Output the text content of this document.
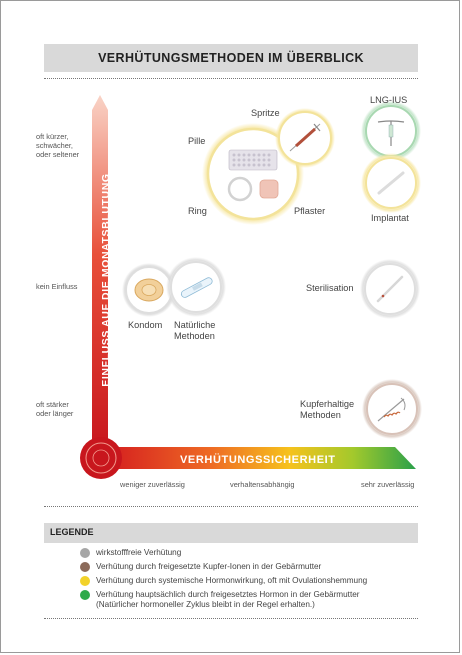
VERHÜTUNGSMETHODEN IM ÜBERBLICK
EINFLUSS AUF DIE MONATSBLUTUNG
VERHÜTUNGSSICHERHEIT
oft kürzer,
schwächer,
oder seltener
kein Einfluss
oft stärker
oder länger
weniger zuverlässig	verhaltensabhängig	sehr zuverlässig
Spritze
Pille
Ring	Pflaster
LNG-IUS
Implantat
Sterilisation
Kondom Natürliche
Methoden
Kupferhaltige
Methoden
LEGENDE
wirkstofffreie Verhütung
Verhütung durch freigesetzte Kupfer-Ionen in der Gebärmutter
Verhütung durch systemische Hormonwirkung, oft mit Ovulationshemmung
Verhütung hauptsächlich durch freigesetztes Hormon in der Gebärmutter
(Natürlicher hormoneller Zyklus bleibt in der Regel erhalten.)
